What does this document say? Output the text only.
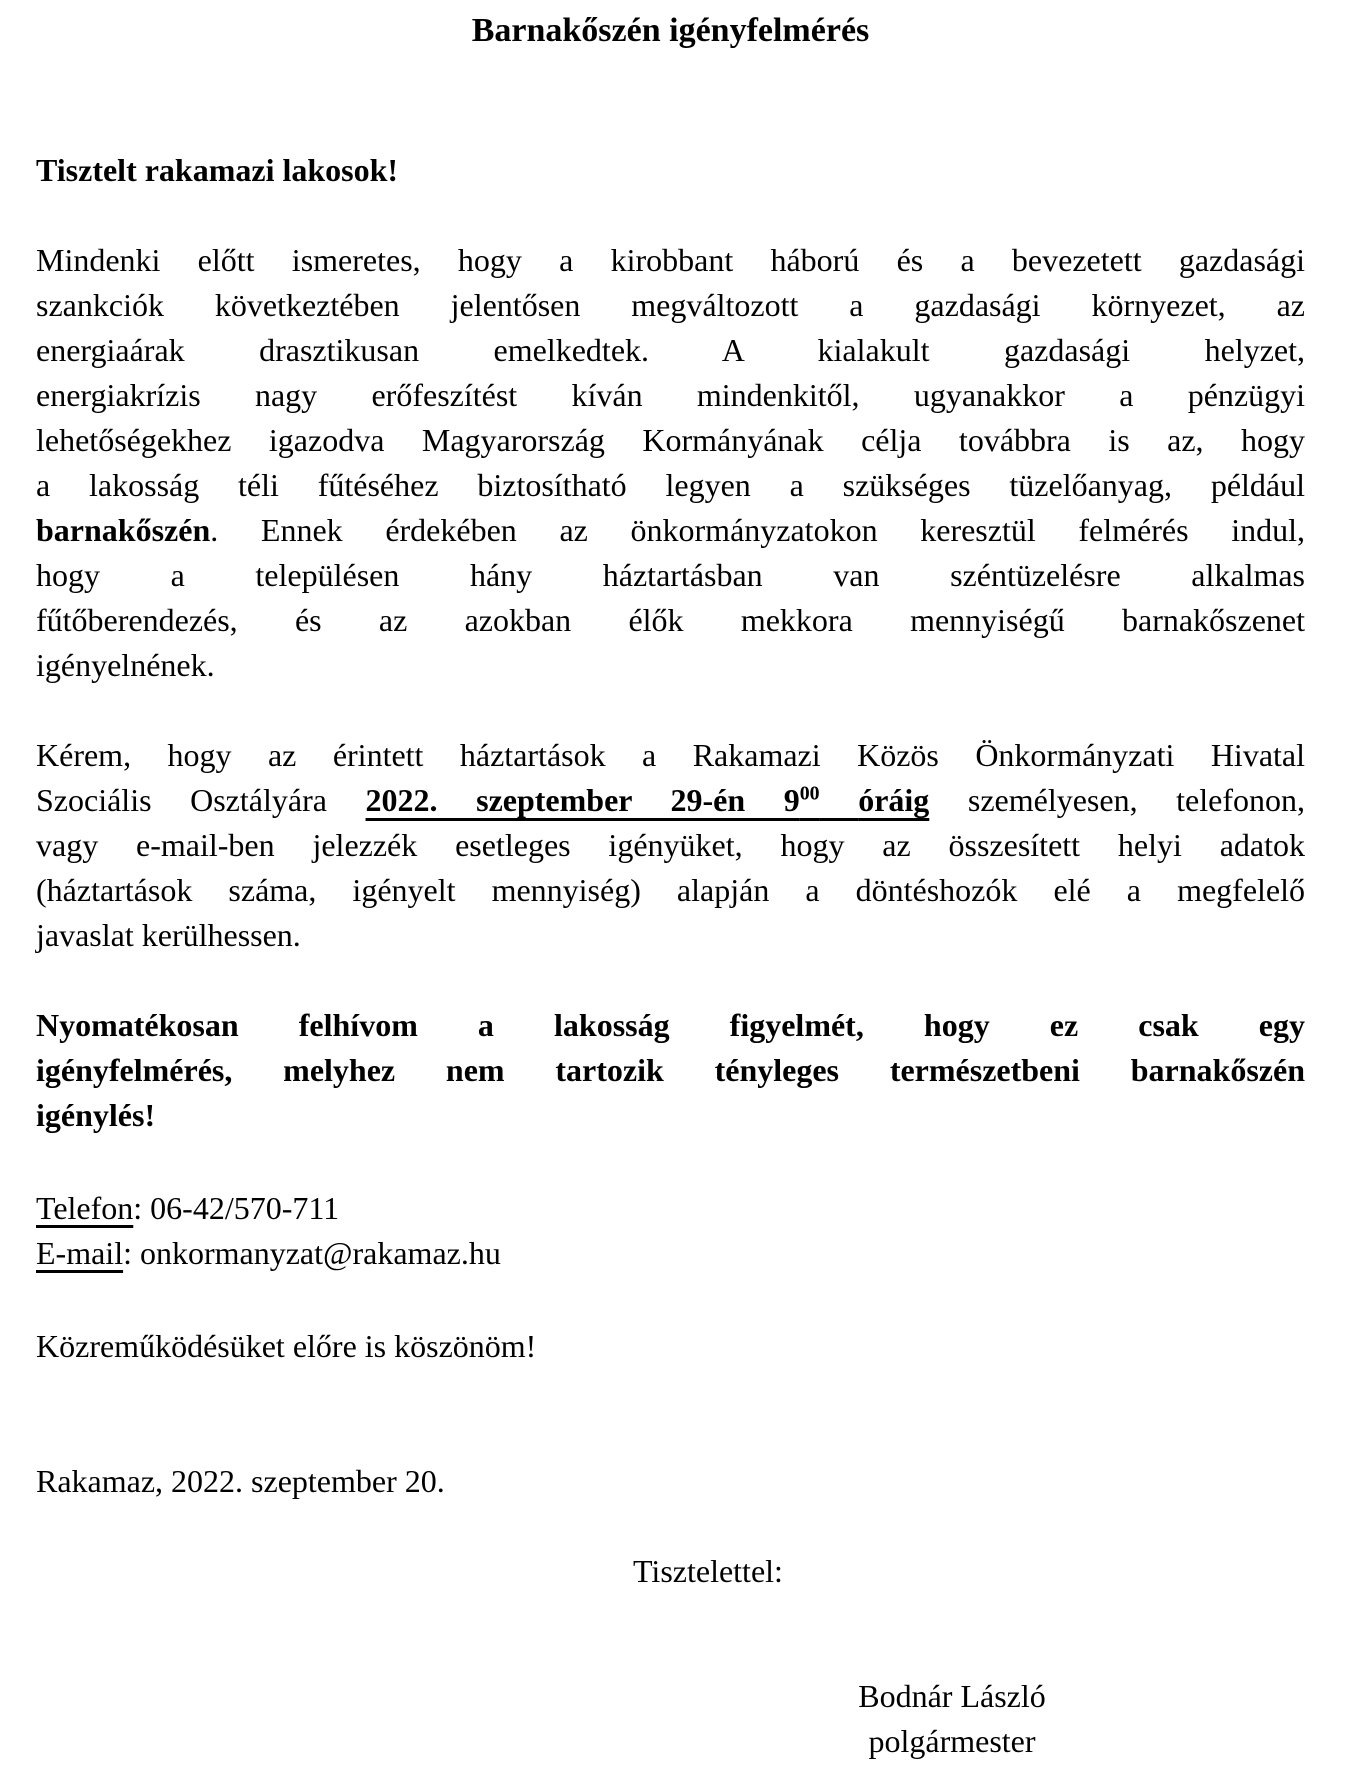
Barnakőszén igényfelmérés
Tisztelt rakamazi lakosok!
Mindenki előtt ismeretes, hogy a kirobbant háború és a bevezetett gazdasági
szankciók következtében jelentősen megváltozott a gazdasági környezet, az
energiaárak drasztikusan emelkedtek. A kialakult gazdasági helyzet,
energiakrízis nagy erőfeszítést kíván mindenkitől, ugyanakkor a pénzügyi
lehetőségekhez igazodva Magyarország Kormányának célja továbbra is az, hogy
a lakosság téli fűtéséhez biztosítható legyen a szükséges tüzelőanyag, például
barnakőszén. Ennek érdekében az önkormányzatokon keresztül felmérés indul,
hogy a településen hány háztartásban van széntüzelésre alkalmas
fűtőberendezés, és az azokban élők mekkora mennyiségű barnakőszenet
igényelnének.
Kérem, hogy az érintett háztartások a Rakamazi Közös Önkormányzati Hivatal
Szociális Osztályára 2022. szeptember 29-én $9^{00}$ óráig személyesen, telefonon,
vagy e-mail-ben jelezzék esetleges igényüket, hogy az összesített helyi adatok
(háztartások száma, igényelt mennyiség) alapján a döntéshozók elé a megfelelő
javaslat kerülhessen.
Nyomatékosan felhívom a lakosság figyelmét, hogy ez csak egy
igényfelmérés, melyhez nem tartozik tényleges természetbeni barnakőszén
igénylés!
Telefon: 06-42/570-711
E-mail: onkormanyzat@rakamaz.hu
Közreműködésüket előre is köszönöm!
Rakamaz, 2022. szeptember 20.
Tisztelettel:
Bodnár László
polgármester
